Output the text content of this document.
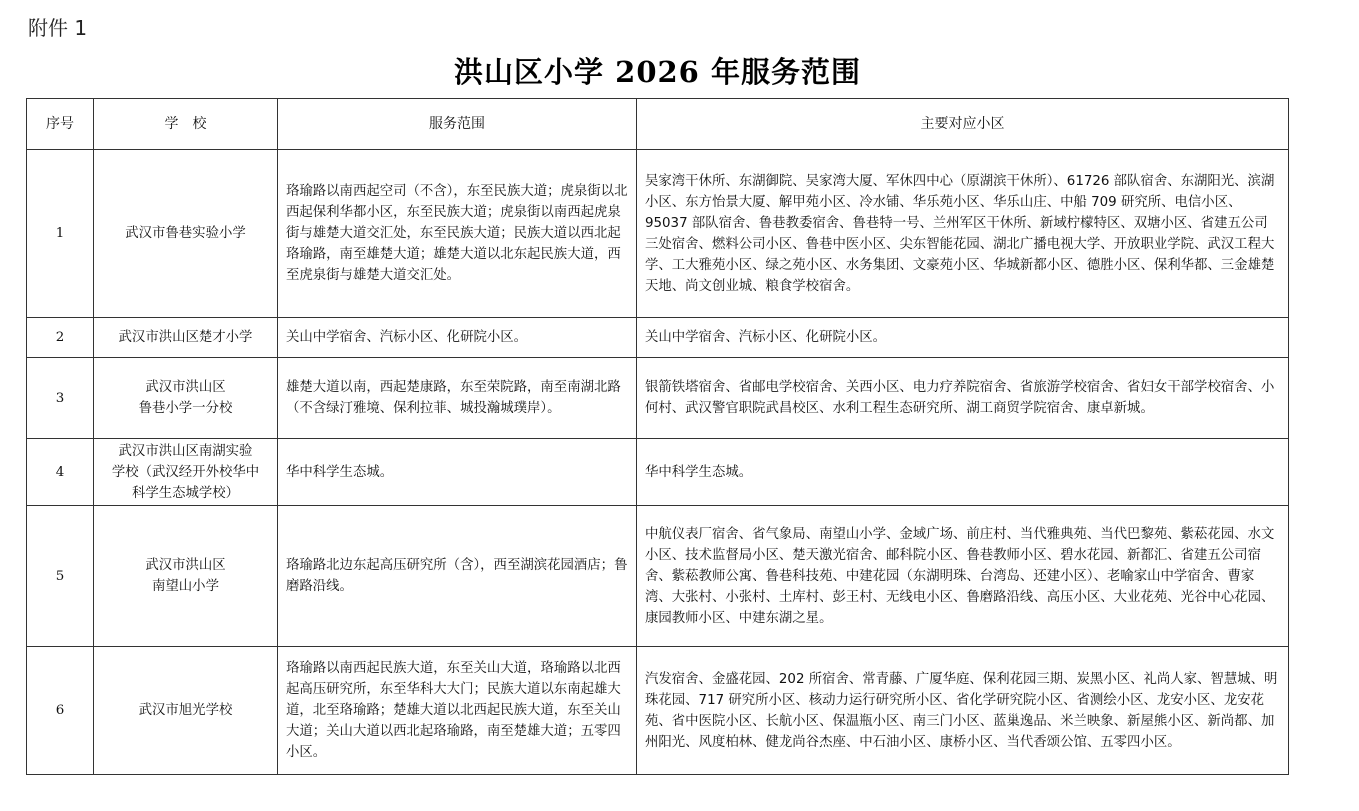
附件 1
洪山区小学 2026 年服务范围
序号	学　校	服务范围	主要对应小区
1	武汉市鲁巷实验小学	珞瑜路以南西起空司（不含），东至民族大道；虎泉街以北西起保利华都小区，东至民族大道；虎泉街以南西起虎泉街与雄楚大道交汇处，东至民族大道；民族大道以西北起珞瑜路，南至雄楚大道；雄楚大道以北东起民族大道，西至虎泉街与雄楚大道交汇处。	吴家湾干休所、东湖御院、吴家湾大厦、军休四中心（原湖滨干休所）、61726 部队宿舍、东湖阳光、滨湖小区、东方怡景大厦、解甲苑小区、冷水铺、华乐苑小区、华乐山庄、中船 709 研究所、电信小区、95037 部队宿舍、鲁巷教委宿舍、鲁巷特一号、兰州军区干休所、新域柠檬特区、双塘小区、省建五公司三处宿舍、燃料公司小区、鲁巷中医小区、尖东智能花园、湖北广播电视大学、开放职业学院、武汉工程大学、工大雅苑小区、绿之苑小区、水务集团、文豪苑小区、华城新都小区、德胜小区、保利华都、三金雄楚天地、尚文创业城、粮食学校宿舍。
2	武汉市洪山区楚才小学	关山中学宿舍、汽标小区、化研院小区。	关山中学宿舍、汽标小区、化研院小区。
3	武汉市洪山区
鲁巷小学一分校	雄楚大道以南，西起楚康路，东至荣院路，南至南湖北路（不含绿汀雅境、保利拉菲、城投瀚城璞岸）。	银箭铁塔宿舍、省邮电学校宿舍、关西小区、电力疗养院宿舍、省旅游学校宿舍、省妇女干部学校宿舍、小何村、武汉警官职院武昌校区、水利工程生态研究所、湖工商贸学院宿舍、康卓新城。
4	武汉市洪山区南湖实验
学校（武汉经开外校华中
科学生态城学校）	华中科学生态城。	华中科学生态城。
5	武汉市洪山区
南望山小学	珞瑜路北边东起高压研究所（含），西至湖滨花园酒店；鲁磨路沿线。	中航仪表厂宿舍、省气象局、南望山小学、金域广场、前庄村、当代雅典苑、当代巴黎苑、紫菘花园、水文小区、技术监督局小区、楚天激光宿舍、邮科院小区、鲁巷教师小区、碧水花园、新都汇、省建五公司宿舍、紫菘教师公寓、鲁巷科技苑、中建花园（东湖明珠、台湾岛、还建小区）、老喻家山中学宿舍、曹家湾、大张村、小张村、土库村、彭王村、无线电小区、鲁磨路沿线、高压小区、大业花苑、光谷中心花园、康园教师小区、中建东湖之星。
6	武汉市旭光学校	珞瑜路以南西起民族大道，东至关山大道，珞瑜路以北西起高压研究所，东至华科大大门；民族大道以东南起雄大道，北至珞瑜路；楚雄大道以北西起民族大道，东至关山大道；关山大道以西北起珞瑜路，南至楚雄大道；五零四小区。	汽发宿舍、金盛花园、202 所宿舍、常青藤、广厦华庭、保利花园三期、炭黑小区、礼尚人家、智慧城、明珠花园、717 研究所小区、核动力运行研究所小区、省化学研究院小区、省测绘小区、龙安小区、龙安花苑、省中医院小区、长航小区、保温瓶小区、南三门小区、蓝巢逸品、米兰映象、新屋熊小区、新尚都、加州阳光、风度柏林、健龙尚谷杰座、中石油小区、康桥小区、当代香颂公馆、五零四小区。
